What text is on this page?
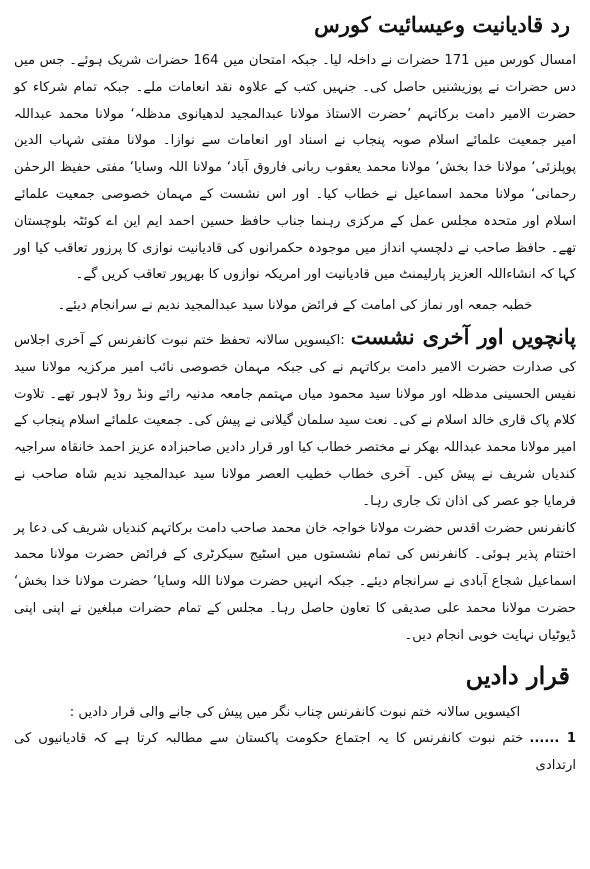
رد قادیانیت وعیسائیت کورس

امسال کورس میں 171 حضرات نے داخلہ لیا۔ جبکہ امتحان میں 164 حضرات شریک ہوئے۔ جس میں دس حضرات نے پوزیشنیں حاصل کی۔ جنہیں کتب کے علاوہ نقد انعامات ملے۔ جبکہ تمام شرکاء کو حضرت الامیر دامت برکاتہم ’حضرت الاستاذ مولانا عبدالمجید لدھیانوی مدظلہ‘ مولانا محمد عبداللہ امیر جمعیت علمائے اسلام صوبہ پنجاب نے اسناد اور انعامات سے نوازا۔ مولانا مفتی شہاب الدین پوپلزئی‘ مولانا خدا بخش‘ مولانا محمد یعقوب ربانی فاروق آباد‘ مولانا اللہ وسایا‘ مفتی حفیظ الرحمٰن رحمانی‘ مولانا محمد اسماعیل نے خطاب کیا۔ اور اس نشست کے مہمان خصوصی جمعیت علمائے اسلام اور متحدہ مجلس عمل کے مرکزی رہنما جناب حافظ حسین احمد ایم این اے کوئٹہ بلوچستان تھے۔ حافظ صاحب نے دلچسپ انداز میں موجودہ حکمرانوں کی قادیانیت نوازی کا پرزور تعاقب کیا اور کہا کہ انشاءاللہ العزیز پارلیمنٹ میں قادیانیت اور امریکہ نوازوں کا بھرپور تعاقب کریں گے۔

خطبہ جمعہ اور نماز کی امامت کے فرائض مولانا سید عبدالمجید ندیم نے سرانجام دیئے۔

پانچویں اور آخری نشست:اکیسویں سالانہ تحفظ ختم نبوت کانفرنس کے آخری اجلاس کی صدارت حضرت الامیر دامت برکاتہم نے کی جبکہ مہمان خصوصی نائب امیر مرکزیہ مولانا سید نفیس الحسینی مدظلہ اور مولانا سید محمود میاں مہتمم جامعہ مدنیہ رائے ونڈ روڈ لاہور تھے۔ تلاوت کلام پاک قاری خالد اسلام نے کی۔ نعت سید سلمان گیلانی نے پیش کی۔ جمعیت علمائے اسلام پنجاب کے امیر مولانا محمد عبداللہ بھکر نے مختصر خطاب کیا اور قرار دادیں صاحبزادہ عزیز احمد خانقاہ سراجیہ کندیاں شریف نے پیش کیں۔ آخری خطاب خطیب العصر مولانا سید عبدالمجید ندیم شاہ صاحب نے فرمایا جو عصر کی اذان تک جاری رہا۔

کانفرنس حضرت اقدس حضرت مولانا خواجہ خان محمد صاحب دامت برکاتہم کندیاں شریف کی دعا پر اختتام پذیر ہوئی۔ کانفرنس کی تمام نشستوں میں اسٹیج سیکرٹری کے فرائض حضرت مولانا محمد اسماعیل شجاع آبادی نے سرانجام دیئے۔ جبکہ انہیں حضرت مولانا اللہ وسایا‘ حضرت مولانا خدا بخش‘ حضرت مولانا محمد علی صدیقی کا تعاون حاصل رہا۔ مجلس کے تمام حضرات مبلغین نے اپنی اپنی ڈیوٹیاں نہایت خوبی انجام دیں۔

قرار دادیں

اکیسویں سالانہ ختم نبوت کانفرنس چناب نگر میں پیش کی جانے والی قرار دادیں :

1 ......ختم نبوت کانفرنس کا یہ اجتماع حکومت پاکستان سے مطالبہ کرتا ہے کہ قادیانیوں کی ارتدادی
